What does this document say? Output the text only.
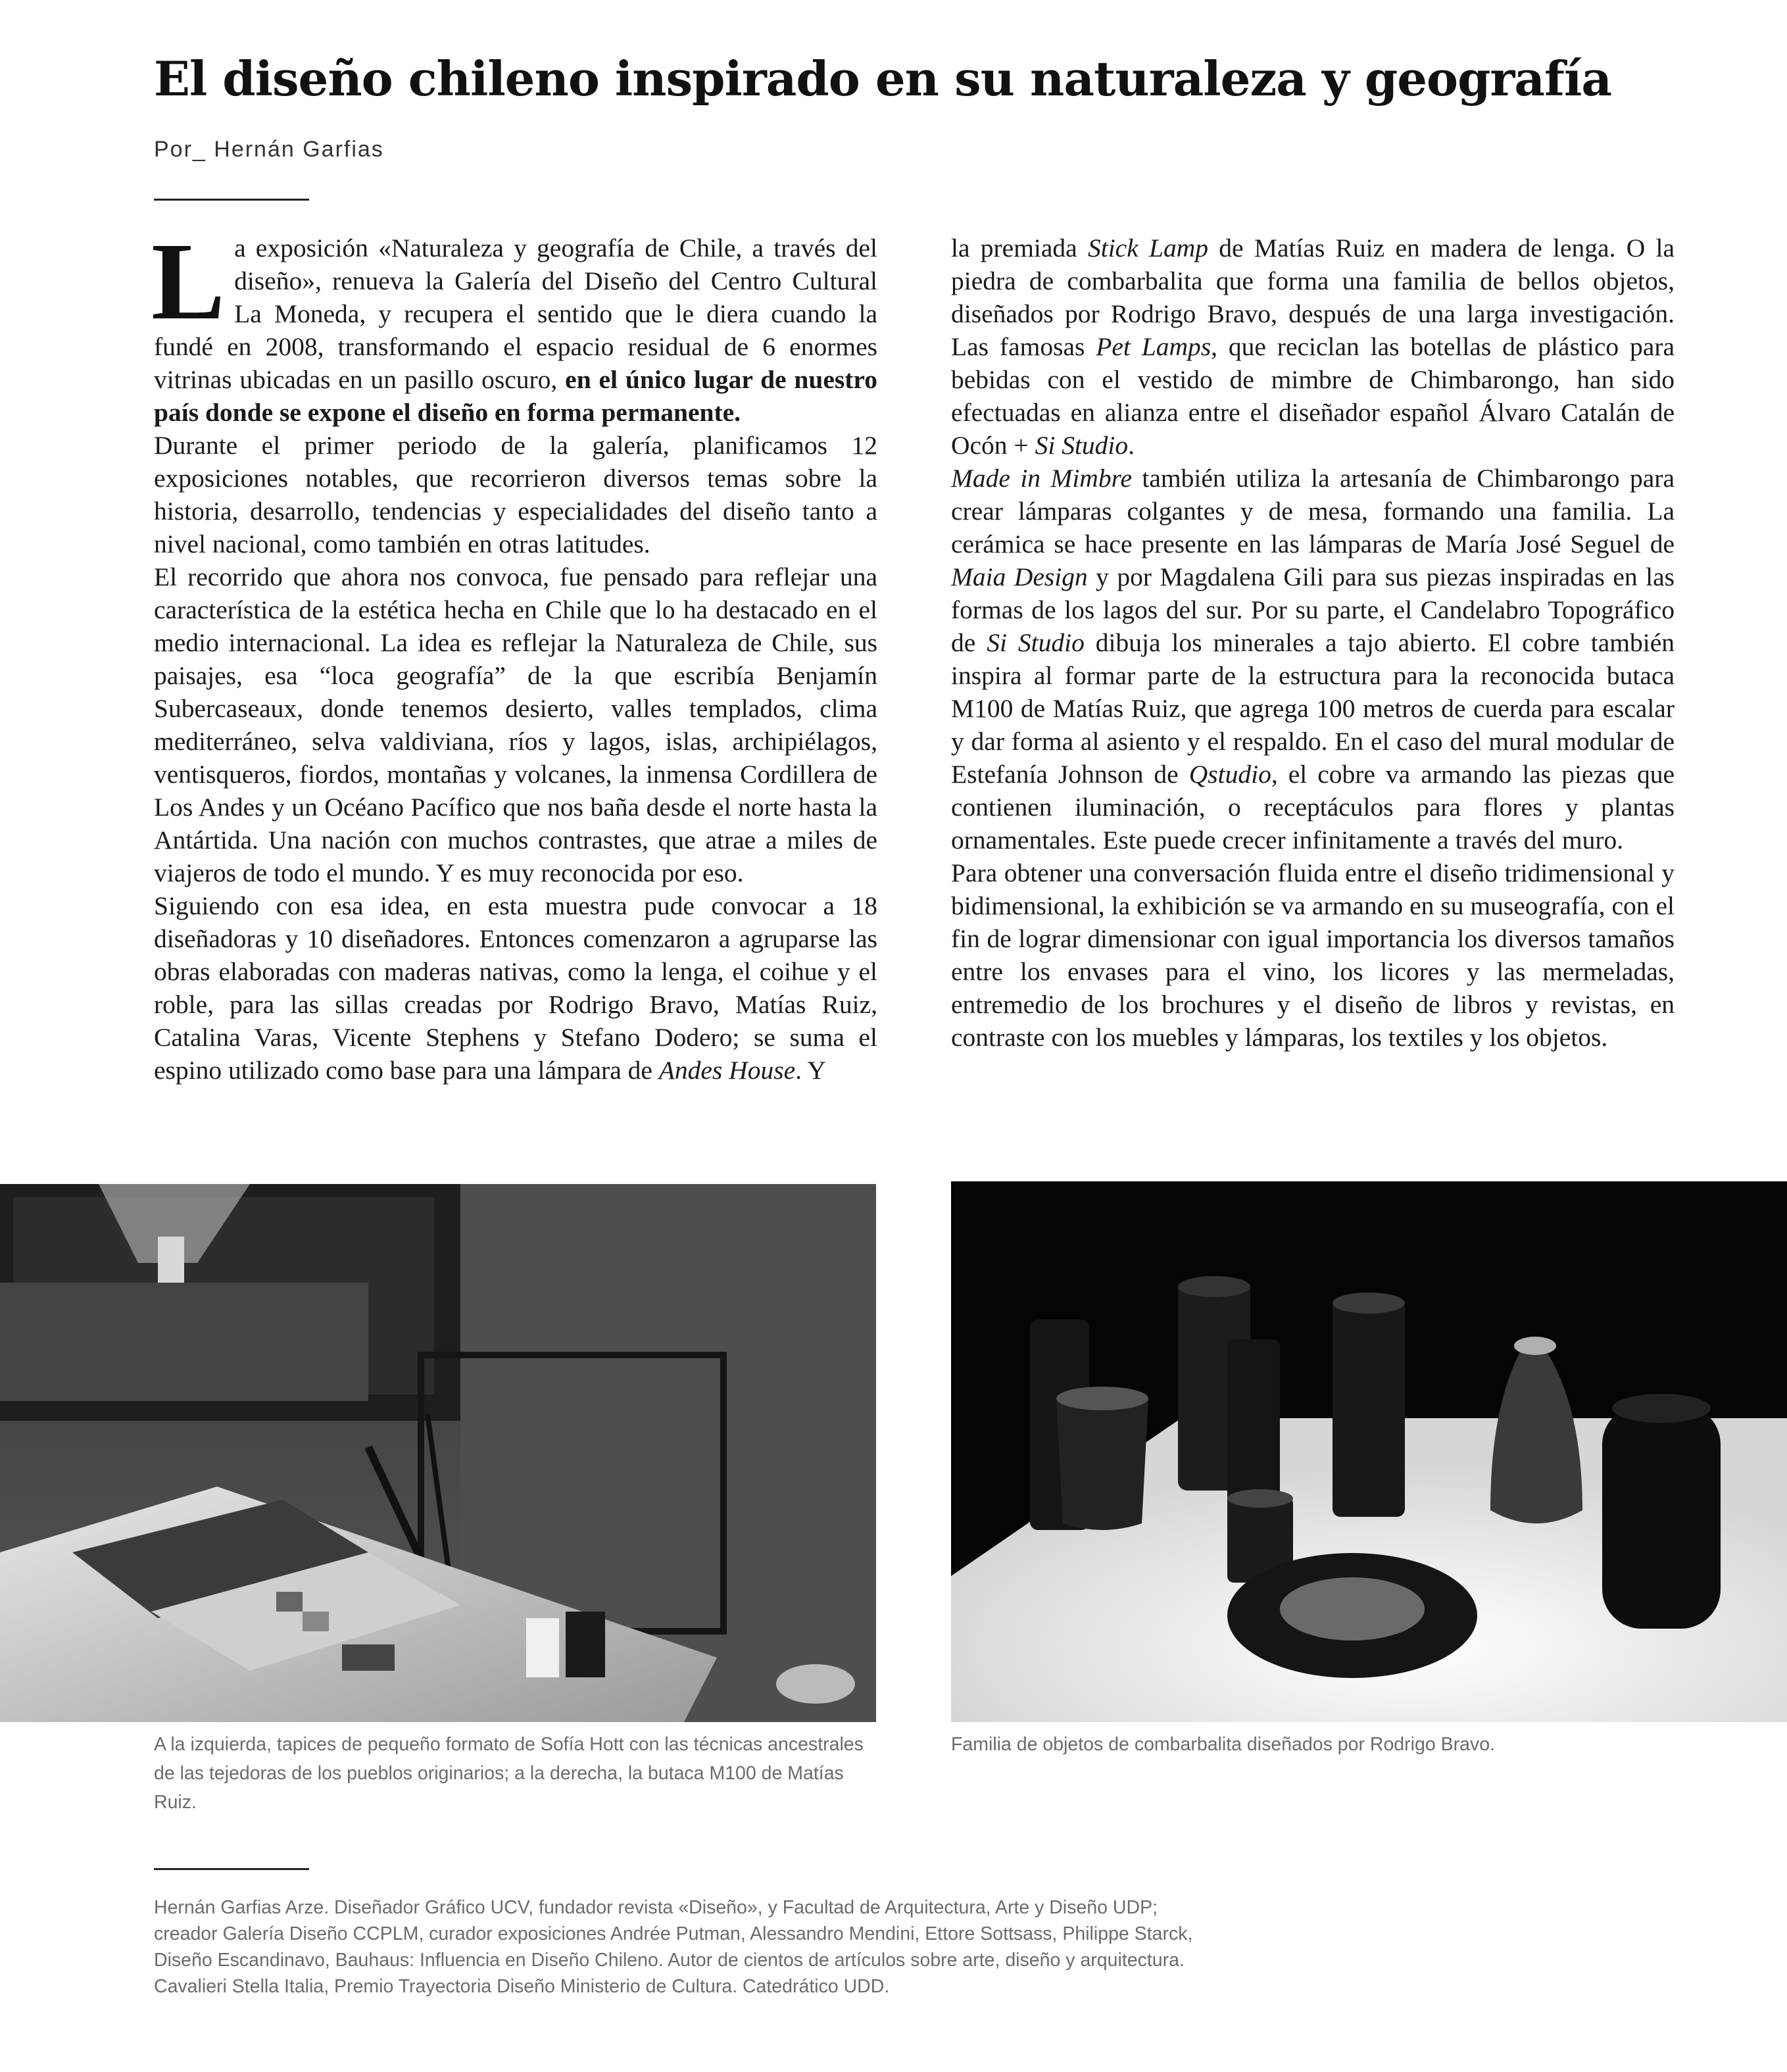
El diseño chileno inspirado en su naturaleza y geografía
Por_ Hernán Garfias

La exposición «Naturaleza y geografía de Chile, a través del diseño», renueva la Galería del Diseño del Centro Cultural La Moneda, y recupera el sentido que le diera cuando la fundé en 2008, transformando el espacio residual de 6 enormes vitrinas ubicadas en un pasillo oscuro, en el único lugar de nuestro país donde se expone el diseño en forma permanente.

Durante el primer periodo de la galería, planificamos 12 exposiciones notables, que recorrieron diversos temas sobre la historia, desarrollo, tendencias y especialidades del diseño tanto a nivel nacional, como también en otras latitudes.

El recorrido que ahora nos convoca, fue pensado para reflejar una característica de la estética hecha en Chile que lo ha destacado en el medio internacional. La idea es reflejar la Naturaleza de Chile, sus paisajes, esa “loca geografía” de la que escribía Benjamín Subercaseaux, donde tenemos desierto, valles templados, clima mediterráneo, selva valdiviana, ríos y lagos, islas, archipiélagos, ventisqueros, fiordos, montañas y volcanes, la inmensa Cordillera de Los Andes y un Océano Pacífico que nos baña desde el norte hasta la Antártida. Una nación con muchos contrastes, que atrae a miles de viajeros de todo el mundo. Y es muy reconocida por eso.

Siguiendo con esa idea, en esta muestra pude convocar a 18 diseñadoras y 10 diseñadores. Entonces comenzaron a agruparse las obras elaboradas con maderas nativas, como la lenga, el coihue y el roble, para las sillas creadas por Rodrigo Bravo, Matías Ruiz, Catalina Varas, Vicente Stephens y Stefano Dodero; se suma el espino utilizado como base para una lámpara de Andes House. Y

la premiada Stick Lamp de Matías Ruiz en madera de lenga. O la piedra de combarbalita que forma una familia de bellos objetos, diseñados por Rodrigo Bravo, después de una larga investigación. Las famosas Pet Lamps, que reciclan las botellas de plástico para bebidas con el vestido de mimbre de Chimbarongo, han sido efectuadas en alianza entre el diseñador español Álvaro Catalán de Ocón + Si Studio.

Made in Mimbre también utiliza la artesanía de Chimbarongo para crear lámparas colgantes y de mesa, formando una familia. La cerámica se hace presente en las lámparas de María José Seguel de Maia Design y por Magdalena Gili para sus piezas inspiradas en las formas de los lagos del sur. Por su parte, el Candelabro Topográfico de Si Studio dibuja los minerales a tajo abierto. El cobre también inspira al formar parte de la estructura para la reconocida butaca M100 de Matías Ruiz, que agrega 100 metros de cuerda para escalar y dar forma al asiento y el respaldo. En el caso del mural modular de Estefanía Johnson de Qstudio, el cobre va armando las piezas que contienen iluminación, o receptáculos para flores y plantas ornamentales. Este puede crecer infinitamente a través del muro.

Para obtener una conversación fluida entre el diseño tridimensional y bidimensional, la exhibición se va armando en su museografía, con el fin de lograr dimensionar con igual importancia los diversos tamaños entre los envases para el vino, los licores y las mermeladas, entremedio de los brochures y el diseño de libros y revistas, en contraste con los muebles y lámparas, los textiles y los objetos.

A la izquierda, tapices de pequeño formato de Sofía Hott con las técnicas ancestrales de las tejedoras de los pueblos originarios; a la derecha, la butaca M100 de Matías Ruiz.
Familia de objetos de combarbalita diseñados por Rodrigo Bravo.
Hernán Garfias Arze. Diseñador Gráfico UCV, fundador revista «Diseño», y Facultad de Arquitectura, Arte y Diseño UDP;
creador Galería Diseño CCPLM, curador exposiciones Andrée Putman, Alessandro Mendini, Ettore Sottsass, Philippe Starck,
Diseño Escandinavo, Bauhaus: Influencia en Diseño Chileno. Autor de cientos de artículos sobre arte, diseño y arquitectura.
Cavalieri Stella Italia, Premio Trayectoria Diseño Ministerio de Cultura. Catedrático UDD.
